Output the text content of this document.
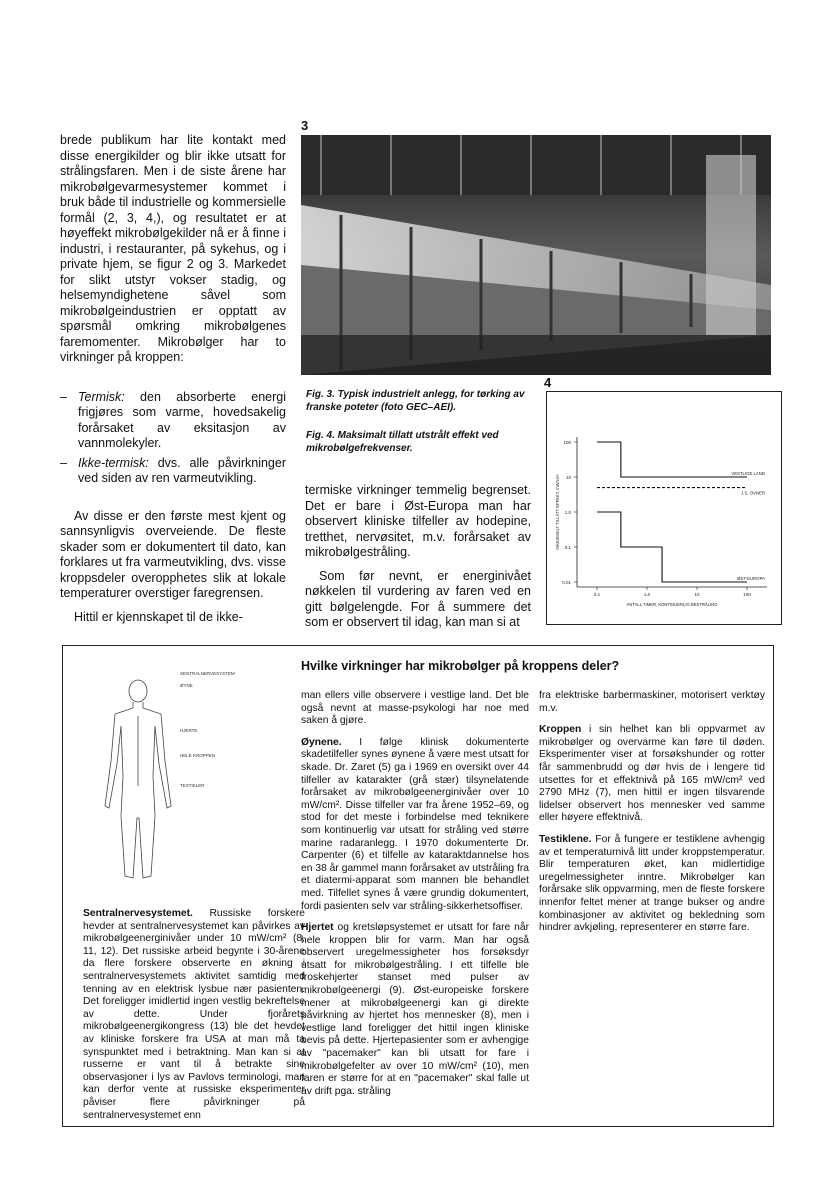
brede publikum har lite kontakt med disse energikilder og blir ikke utsatt for strålingsfaren. Men i de siste årene har mikrobølgevarmesystemer kommet i bruk både til industrielle og kommersielle formål (2, 3, 4,), og resultatet er at høyeffekt mikrobølgekilder nå er å finne i industri, i restauranter, på sykehus, og i private hjem, se figur 2 og 3. Markedet for slikt utstyr vokser stadig, og helsemyndighetene såvel som mikrobølgeindustrien er opptatt av spørsmål omkring mikrobølgenes faremomenter. Mikrobølger har to virkninger på kroppen:

– Termisk: den absorberte energi frigjøres som varme, hovedsakelig forårsaket av eksitasjon av vannmolekyler.
– Ikke-termisk: dvs. alle påvirkninger ved siden av ren varmeutvikling.

Av disse er den første mest kjent og sannsynligvis overveiende. De fleste skader som er dokumentert til dato, kan forklares ut fra varmeutvikling, dvs. visse kroppsdeler overopphetes slik at lokale temperaturer overstiger faregrensen.

Hittil er kjennskapet til de ikke-

3
Fig. 3. Typisk industrielt anlegg, for tørking av franske poteter (foto GEC–AEI).
Fig. 4. Maksimalt tillatt utstrålt effekt ved mikrobølgefrekvenser.
4
100
10
1.0
0.1
0.01
0.1	1.0	10	100
ANTALL TIMER, KONTINUERLIG BESTRÅLING
MAKSIMALT TILLATT EFFEKT, mW/cm²
VESTLIGE LAND
J.S. OVNER
ØST-EUROPA

termiske virkninger temmelig begrenset. Det er bare i Øst-Europa man har observert kliniske tilfeller av hodepine, tretthet, nervøsitet, m.v. forårsaket av mikrobølgestråling.

Som før nevnt, er energinivået nøkkelen til vurdering av faren ved en gitt bølgelengde. For å summere det som er observert til idag, kan man si at

Hvilke virkninger har mikrobølger på kroppens deler?
SENTRALNERVESYSTEM
ØYNE
HJERTE
HELE KROPPEN
TESTIKLER

Sentralnervesystemet. Russiske forskere hevder at sentralnervesystemet kan påvirkes av mikrobølgeenerginivåer under 10 mW/cm² (8, 11, 12). Det russiske arbeid begynte i 30-årene da flere forskere observerte en økning i sentralnervesystemets aktivitet samtidig med tenning av en elektrisk lysbue nær pasienten. Det foreligger imidlertid ingen vestlig bekreftelse av dette. Under fjorårets mikrobølgeenergikongress (13) ble det hevdet av kliniske forskere fra USA at man må ta synspunktet med i betraktning. Man kan si at russerne er vant til å betrakte sine observasjoner i lys av Pavlovs terminologi, man kan derfor vente at russiske eksperimenter påviser flere påvirkninger på sentralnervesystemet enn

man ellers ville observere i vestlige land. Det ble også nevnt at masse-psykologi har noe med saken å gjøre.

Øynene. I følge klinisk dokumenterte skadetilfeller synes øynene å være mest utsatt for skade. Dr. Zaret (5) ga i 1969 en oversikt over 44 tilfeller av katarakter (grå stær) tilsynelatende forårsaket av mikrobølgeenerginivåer over 10 mW/cm². Disse tilfeller var fra årene 1952–69, og stod for det meste i forbindelse med teknikere som kontinuerlig var utsatt for stråling ved større marine radaranlegg. I 1970 dokumenterte Dr. Carpenter (6) et tilfelle av kataraktdannelse hos en 38 år gammel mann forårsaket av utstråling fra et diatermi-apparat som mannen ble behandlet med. Tilfellet synes å være grundig dokumentert, fordi pasienten selv var stråling-sikkerhetsoffiser.

Hjertet og kretsløpsystemet er utsatt for fare når hele kroppen blir for varm. Man har også observert uregelmessigheter hos forsøksdyr utsatt for mikrobølgestråling. I ett tilfelle ble froskehjerter stanset med pulser av mikrobølgeenergi (9). Øst-europeiske forskere mener at mikrobølgeenergi kan gi direkte påvirkning av hjertet hos mennesker (8), men i vestlige land foreligger det hittil ingen kliniske bevis på dette. Hjertepasienter som er avhengige av "pacemaker" kan bli utsatt for fare i mikrobølgefelter av over 10 mW/cm² (10), men faren er større for at en "pacemaker" skal falle ut av drift pga. stråling

fra elektriske barbermaskiner, motorisert verktøy m.v.

Kroppen i sin helhet kan bli oppvarmet av mikrobølger og overvarme kan føre til døden. Eksperimenter viser at forsøkshunder og rotter får sammenbrudd og dør hvis de i lengere tid utsettes for et effektnivå på 165 mW/cm² ved 2790 MHz (7), men hittil er ingen tilsvarende lidelser observert hos mennesker ved samme eller høyere effektnivå.

Testiklene. For å fungere er testiklene avhengig av et temperaturnivå litt under kroppstemperatur. Blir temperaturen øket, kan midlertidige uregelmessigheter inntre. Mikrobølger kan forårsake slik oppvarming, men de fleste forskere innenfor feltet mener at trange bukser og andre kombinasjoner av aktivitet og bekledning som hindrer avkjøling, representerer en større fare.
